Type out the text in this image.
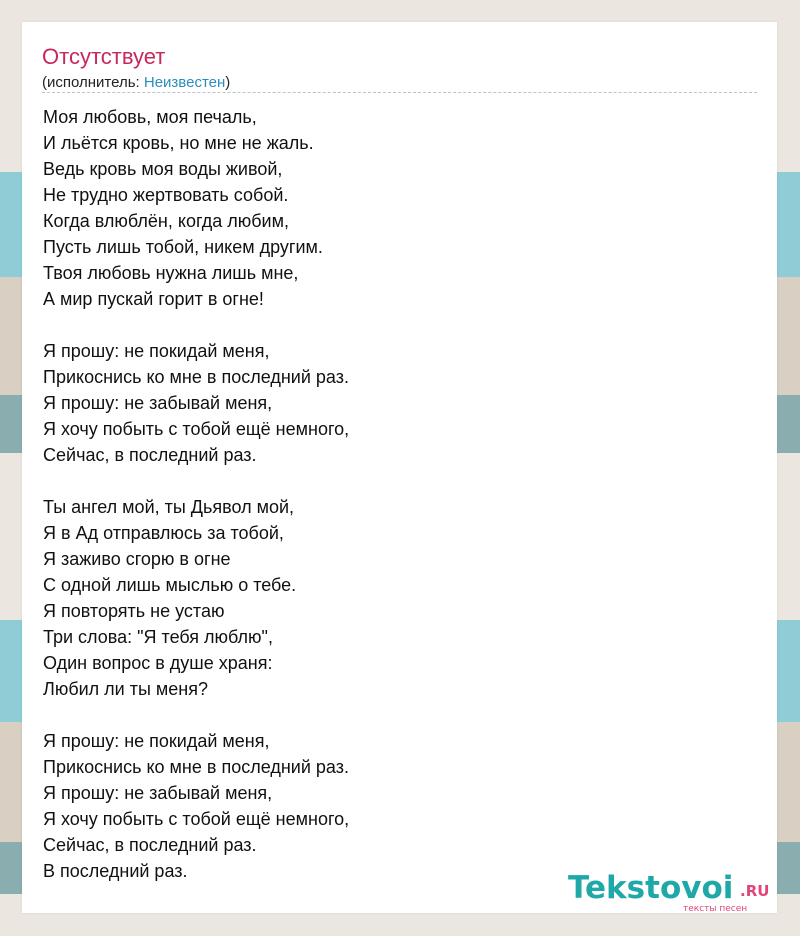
Отсутствует
(исполнитель: Неизвестен)
Моя любовь, моя печаль,
И льётся кровь, но мне не жаль.
Ведь кровь моя воды живой,
Не трудно жертвовать собой.
Когда влюблён, когда любим,
Пусть лишь тобой, никем другим.
Твоя любовь нужна лишь мне,
А мир пускай горит в огне!
Я прошу: не покидай меня,
Прикоснись ко мне в последний раз.
Я прошу: не забывай меня,
Я хочу побыть с тобой ещё немного,
Сейчас, в последний раз.
Ты ангел мой, ты Дьявол мой,
Я в Ад отправлюсь за тобой,
Я заживо сгорю в огне
С одной лишь мыслью о тебе.
Я повторять не устаю
Три слова: "Я тебя люблю",
Один вопрос в душе храня:
Любил ли ты меня?
Я прошу: не покидай меня,
Прикоснись ко мне в последний раз.
Я прошу: не забывай меня,
Я хочу побыть с тобой ещё немного,
Сейчас, в последний раз.
В последний раз.	Tekstovoi .RU
тексты песен
